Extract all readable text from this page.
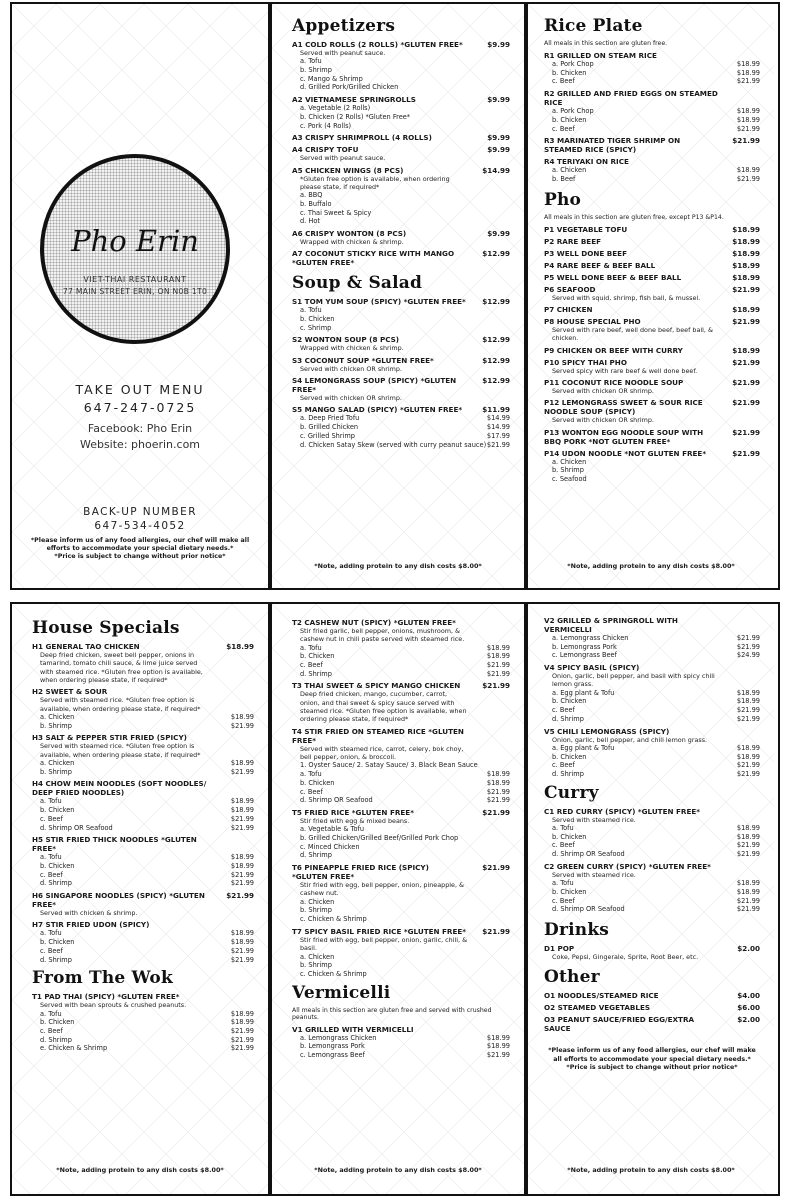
Pho Erin
VIET-THAI RESTAURANT
77 MAIN STREET ERIN, ON N0B 1T0
TAKE OUT MENU
647-247-0725
Facebook: Pho Erin
Website: phoerin.com
BACK-UP NUMBER
647-534-4052
*Please inform us of any food allergies, our chef will make all efforts to accommodate your special dietary needs.*
*Price is subject to change without prior notice*
Appetizers
A1 COLD ROLLS (2 ROLLS) *GLUTEN FREE*	$9.99
Served with peanut sauce.
a. Tofu
b. Shrimp
c. Mango & Shrimp
d. Grilled Pork/Grilled Chicken
A2 VIETNAMESE SPRINGROLLS	$9.99
a. Vegetable (2 Rolls)
b. Chicken (2 Rolls) *Gluten Free*
c. Pork (4 Rolls)
A3 CRISPY SHRIMPROLL (4 ROLLS)	$9.99
A4 CRISPY TOFU	$9.99
Served with peanut sauce.
A5 CHICKEN WINGS (8 PCS)	$14.99
*Gluten free option is available, when ordering please state, if required*
a. BBQ
b. Buffalo
c. Thai Sweet & Spicy
d. Hot
A6 CRISPY WONTON (8 PCS)	$9.99
Wrapped with chicken & shrimp.
A7 COCONUT STICKY RICE WITH MANGO *GLUTEN FREE*
$12.99
Soup & Salad
S1 TOM YUM SOUP (SPICY) *GLUTEN FREE*	$12.99
a. Tofu
b. Chicken
c. Shrimp
S2 WONTON SOUP (8 PCS)	$12.99
Wrapped with chicken & shrimp.
S3 COCONUT SOUP *GLUTEN FREE*	$12.99
Served with chicken OR shrimp.
S4 LEMONGRASS SOUP (SPICY) *GLUTEN FREE*
$12.99
Served with chicken OR shrimp.
S5 MANGO SALAD (SPICY) *GLUTEN FREE*	$11.99
a. Deep Fried Tofu	$14.99
b. Grilled Chicken	$14.99
c. Grilled Shrimp	$17.99
d. Chicken Satay Skew (served with curry peanut sauce) $21.99
*Note, adding protein to any dish costs $8.00*
Rice Plate
All meals in this section are gluten free.
R1 GRILLED ON STEAM RICE
a. Pork Chop	$18.99
b. Chicken	$18.99
c. Beef	$21.99
R2 GRILLED AND FRIED EGGS ON STEAMED RICE
a. Pork Chop	$18.99
b. Chicken	$18.99
c. Beef	$21.99
R3 MARINATED TIGER SHRIMP ON STEAMED RICE (SPICY)
$21.99
R4 TERIYAKI ON RICE
a. Chicken	$18.99
b. Beef	$21.99
Pho
All meals in this section are gluten free, except P13 &P14.
P1 VEGETABLE TOFU	$18.99
P2 RARE BEEF	$18.99
P3 WELL DONE BEEF	$18.99
P4 RARE BEEF & BEEF BALL	$18.99
P5 WELL DONE BEEF & BEEF BALL	$18.99
P6 SEAFOOD	$21.99
Served with squid, shrimp, fish ball, & mussel.
P7 CHICKEN	$18.99
P8 HOUSE SPECIAL PHO	$21.99
Served with rare beef, well done beef, beef ball, & chicken.
P9 CHICKEN OR BEEF WITH CURRY	$18.99
P10 SPICY THAI PHO	$21.99
Served spicy with rare beef & well done beef.
P11 COCONUT RICE NOODLE SOUP	$21.99
Served with chicken OR shrimp.
P12 LEMONGRASS SWEET & SOUR RICE NOODLE SOUP (SPICY)
$21.99
Served with chicken OR shrimp.
P13 WONTON EGG NOODLE SOUP WITH BBQ PORK *NOT GLUTEN FREE*
$21.99
P14 UDON NOODLE *NOT GLUTEN FREE*	$21.99
a. Chicken
b. Shrimp
c. Seafood
*Note, adding protein to any dish costs $8.00*
House Specials
H1 GENERAL TAO CHICKEN	$18.99
Deep fried chicken, sweet bell pepper, onions in tamarind, tomato chili sauce, & lime juice served with steamed rice. *Gluten free option is available, when ordering please state, if required*
H2 SWEET & SOUR
Served with steamed rice. *Gluten free option is available, when ordering please state, if required*
a. Chicken	$18.99
b. Shrimp	$21.99
H3 SALT & PEPPER STIR FRIED (SPICY)
Served with steamed rice. *Gluten free option is available, when ordering please state, if required*
a. Chicken	$18.99
b. Shrimp	$21.99
H4 CHOW MEIN NOODLES (SOFT NOODLES/ DEEP FRIED NOODLES)
a. Tofu	$18.99
b. Chicken	$18.99
c. Beef	$21.99
d. Shrimp OR Seafood	$21.99
H5 STIR FRIED THICK NOODLES *GLUTEN FREE*
a. Tofu	$18.99
b. Chicken	$18.99
c. Beef	$21.99
d. Shrimp	$21.99
H6 SINGAPORE NOODLES (SPICY) *GLUTEN FREE*
$21.99
Served with chicken & shrimp.
H7 STIR FRIED UDON (SPICY)
a. Tofu	$18.99
b. Chicken	$18.99
c. Beef	$21.99
d. Shrimp	$21.99
From The Wok
T1 PAD THAI (SPICY) *GLUTEN FREE*
Served with bean sprouts & crushed peanuts.
a. Tofu	$18.99
b. Chicken	$18.99
c. Beef	$21.99
d. Shrimp	$21.99
e. Chicken & Shrimp	$21.99
*Note, adding protein to any dish costs $8.00*
T2 CASHEW NUT (SPICY) *GLUTEN FREE*
Stir fried garlic, bell pepper, onions, mushroom, & cashew nut in chili paste served with steamed rice.
a. Tofu	$18.99
b. Chicken	$18.99
c. Beef	$21.99
d. Shrimp	$21.99
T3 THAI SWEET & SPICY MANGO CHICKEN	$21.99
Deep fried chicken, mango, cucumber, carrot, onion, and thai sweet & spicy sauce served with steamed rice. *Gluten free option is available, when ordering please state, if required*
T4 STIR FRIED ON STEAMED RICE *GLUTEN FREE*
Served with steamed rice, carrot, celery, bok choy, bell pepper, onion, & broccoli.
1. Oyster Sauce/ 2. Satay Sauce/ 3. Black Bean Sauce
a. Tofu	$18.99
b. Chicken	$18.99
c. Beef	$21.99
d. Shrimp OR Seafood	$21.99
T5 FRIED RICE *GLUTEN FREE*	$21.99
Stir fried with egg & mixed beans.
a. Vegetable & Tofu
b. Grilled Chicken/Grilled Beef/Grilled Pork Chop
c. Minced Chicken
d. Shrimp
T6 PINEAPPLE FRIED RICE (SPICY) *GLUTEN FREE*
$21.99
Stir fried with egg, bell pepper, onion, pineapple, & cashew nut.
a. Chicken
b. Shrimp
c. Chicken & Shrimp
T7 SPICY BASIL FRIED RICE *GLUTEN FREE*	$21.99
Stir fried with egg, bell pepper, onion, garlic, chili, & basil.
a. Chicken
b. Shrimp
c. Chicken & Shrimp
Vermicelli
All meals in this section are gluten free and served with crushed peanuts.
V1 GRILLED WITH VERMICELLI
a. Lemongrass Chicken	$18.99
b. Lemongrass Pork	$18.99
c. Lemongrass Beef	$21.99
*Note, adding protein to any dish costs $8.00*
V2 GRILLED & SPRINGROLL WITH VERMICELLI
a. Lemongrass Chicken	$21.99
b. Lemongrass Pork	$21.99
c. Lemongrass Beef	$24.99
V4 SPICY BASIL (SPICY)
Onion, garlic, bell pepper, and basil with spicy chili lemon grass.
a. Egg plant & Tofu	$18.99
b. Chicken	$18.99
c. Beef	$21.99
d. Shrimp	$21.99
V5 CHILI LEMONGRASS (SPICY)
Onion, garlic, bell pepper, and chili lemon grass.
a. Egg plant & Tofu	$18.99
b. Chicken	$18.99
c. Beef	$21.99
d. Shrimp	$21.99
Curry
C1 RED CURRY (SPICY) *GLUTEN FREE*
Served with steamed rice.
a. Tofu	$18.99
b. Chicken	$18.99
c. Beef	$21.99
d. Shrimp OR Seafood	$21.99
C2 GREEN CURRY (SPICY) *GLUTEN FREE*
Served with steamed rice.
a. Tofu	$18.99
b. Chicken	$18.99
c. Beef	$21.99
d. Shrimp OR Seafood	$21.99
Drinks
D1 POP	$2.00
Coke, Pepsi, Gingerale, Sprite, Root Beer, etc.
Other
O1 NOODLES/STEAMED RICE	$4.00
O2 STEAMED VEGETABLES	$6.00
O3 PEANUT SAUCE/FRIED EGG/EXTRA SAUCE
$2.00
*Please inform us of any food allergies, our chef will make all efforts to accommodate your special dietary needs.*
*Price is subject to change without prior notice*
*Note, adding protein to any dish costs $8.00*
